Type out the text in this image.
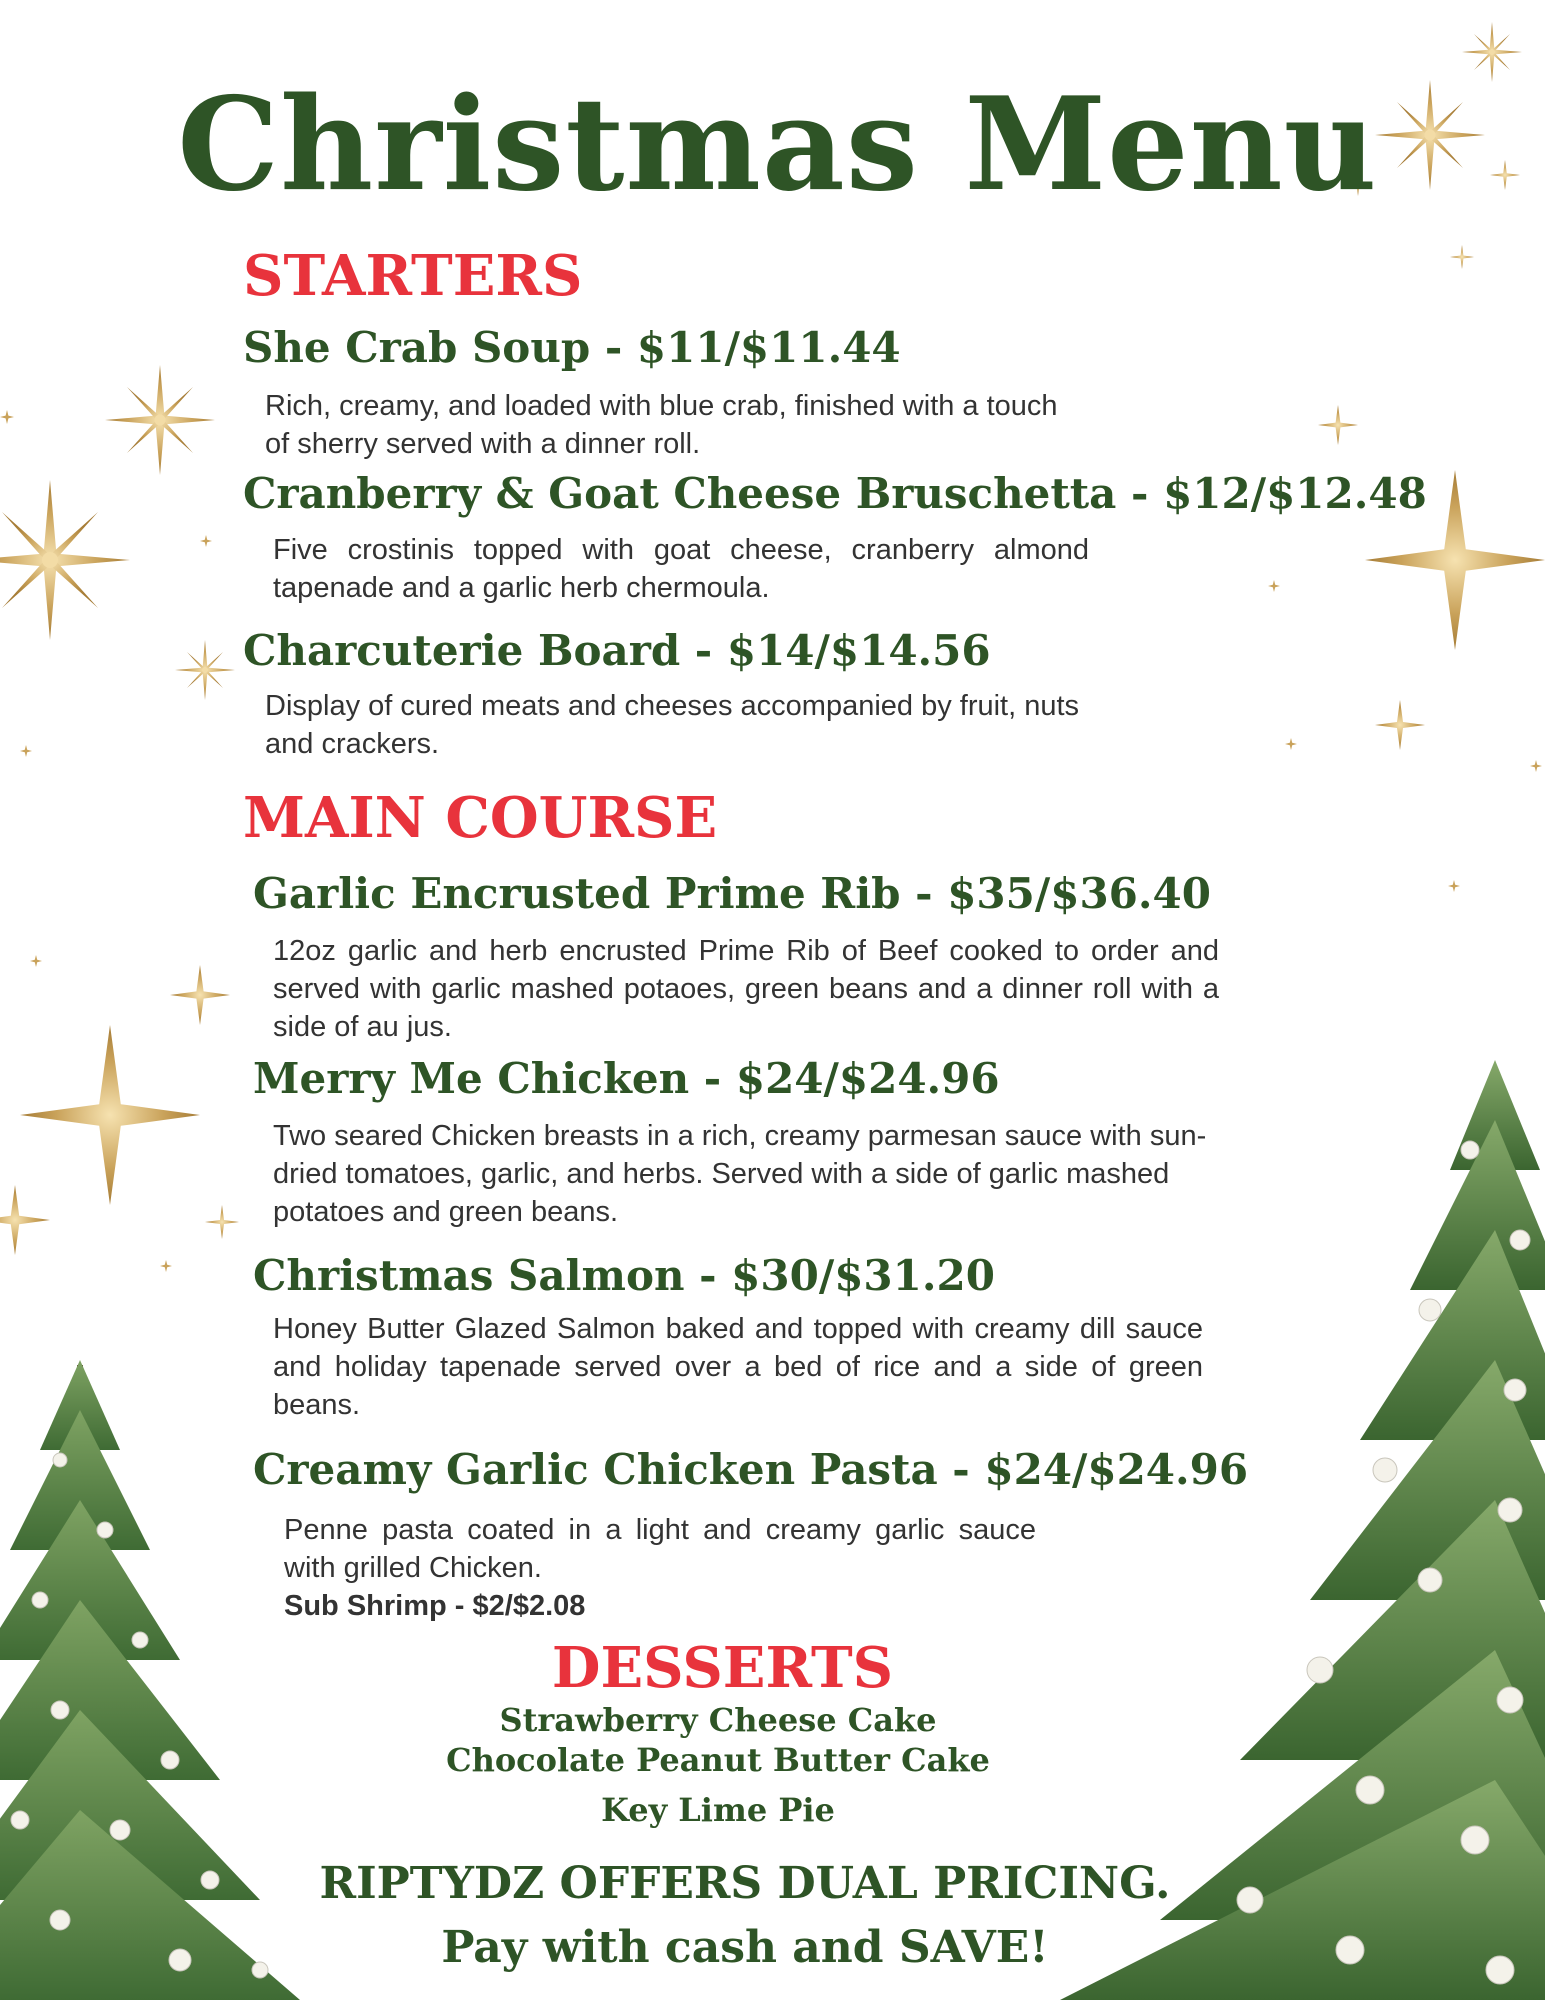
Christmas Menu
STARTERS
She Crab Soup - $11/$11.44
Rich, creamy, and loaded with blue crab, finished with a touch of sherry served with a dinner roll.
Cranberry & Goat Cheese Bruschetta - $12/$12.48
Five crostinis topped with goat cheese, cranberry almond tapenade and a garlic herb chermoula.
Charcuterie Board - $14/$14.56
Display of cured meats and cheeses accompanied by fruit, nuts and crackers.
MAIN COURSE
Garlic Encrusted Prime Rib - $35/$36.40
12oz garlic and herb encrusted Prime Rib of Beef cooked to order and served with garlic mashed potaoes, green beans and a dinner roll with a side of au jus.
Merry Me Chicken - $24/$24.96
Two seared Chicken breasts in a rich, creamy parmesan sauce with sun-dried tomatoes, garlic, and herbs. Served with a side of garlic mashed potatoes and green beans.
Christmas Salmon - $30/$31.20
Honey Butter Glazed Salmon baked and topped with creamy dill sauce and holiday tapenade served over a bed of rice and a side of green beans.
Creamy Garlic Chicken Pasta - $24/$24.96
Penne pasta coated in a light and creamy garlic sauce with grilled Chicken.
Sub Shrimp - $2/$2.08
DESSERTS
Strawberry Cheese Cake
Chocolate Peanut Butter Cake
Key Lime Pie
RIPTYDZ OFFERS DUAL PRICING.
Pay with cash and SAVE!
